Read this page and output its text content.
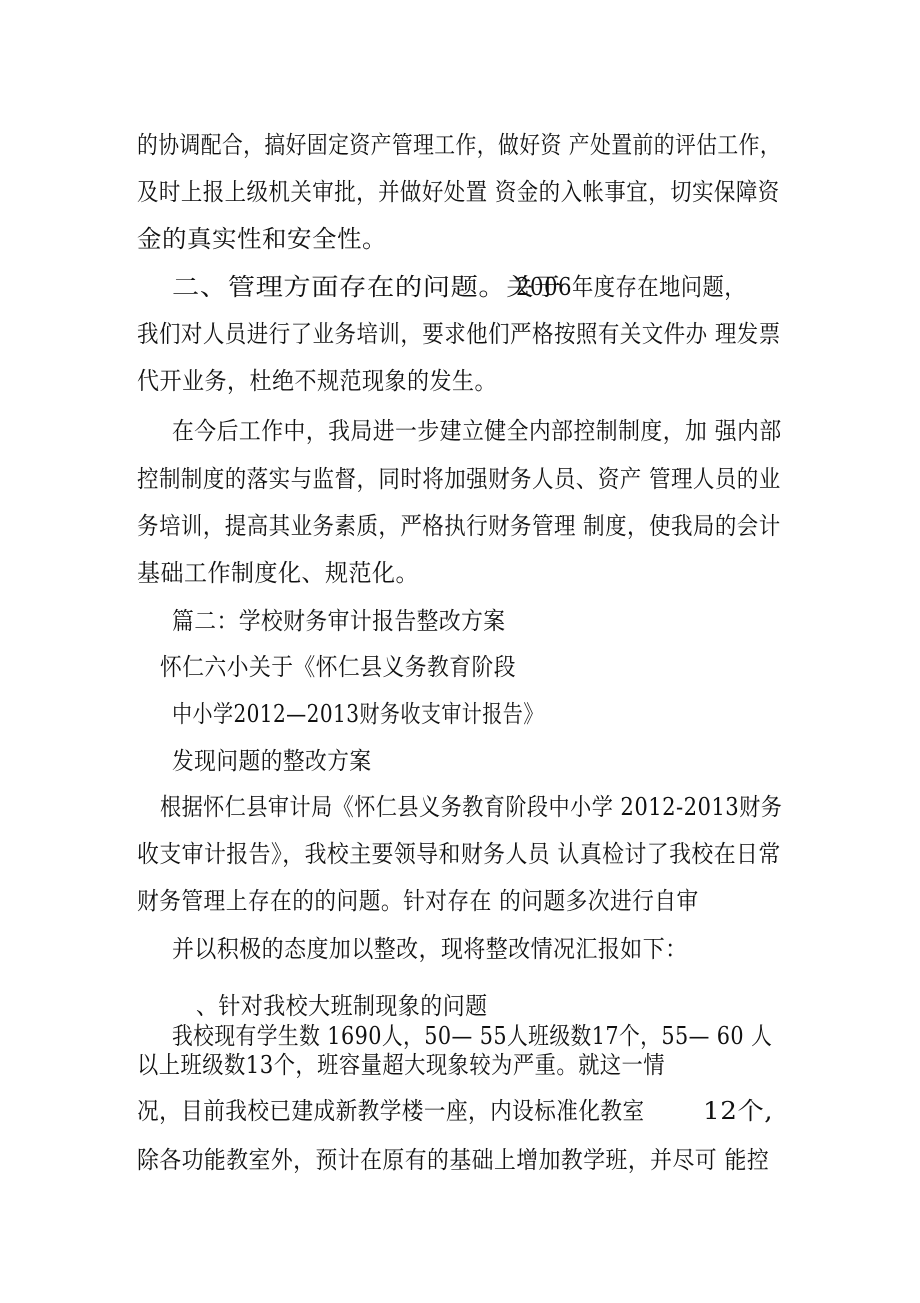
的协调配合，搞好固定资产管理工作，做好资 产处置前的评估工作，
及时上报上级机关审批，并做好处置 资金的入帐事宜，切实保障资
金的真实性和安全性。
二、管理方面存在的问题。关于
2006年度存在地问题，
我们对人员进行了业务培训，要求他们严格按照有关文件办 理发票
代开业务，杜绝不规范现象的发生。
在今后工作中，我局进一步建立健全内部控制制度，加 强内部
控制制度的落实与监督，同时将加强财务人员、资产 管理人员的业
务培训，提高其业务素质，严格执行财务管理 制度，使我局的会计
基础工作制度化、规范化。
篇二：学校财务审计报告整改方案
怀仁六小关于《怀仁县义务教育阶段
中小学2012—2013财务收支审计报告》
发现问题的整改方案
根据怀仁县审计局《怀仁县义务教育阶段中小学 2012-2013财务
收支审计报告》，我校主要领导和财务人员 认真检讨了我校在日常
财务管理上存在的的问题。针对存在 的问题多次进行自审
并以积极的态度加以整改，现将整改情况汇报如下：
、针对我校大班制现象的问题
我校现有学生数 1690人，50— 55人班级数17个，55— 60 人
以上班级数13个，班容量超大现象较为严重。就这一情
况，目前我校已建成新教学楼一座，内设标准化教室 12个,
除各功能教室外，预计在原有的基础上增加教学班，并尽可 能控
